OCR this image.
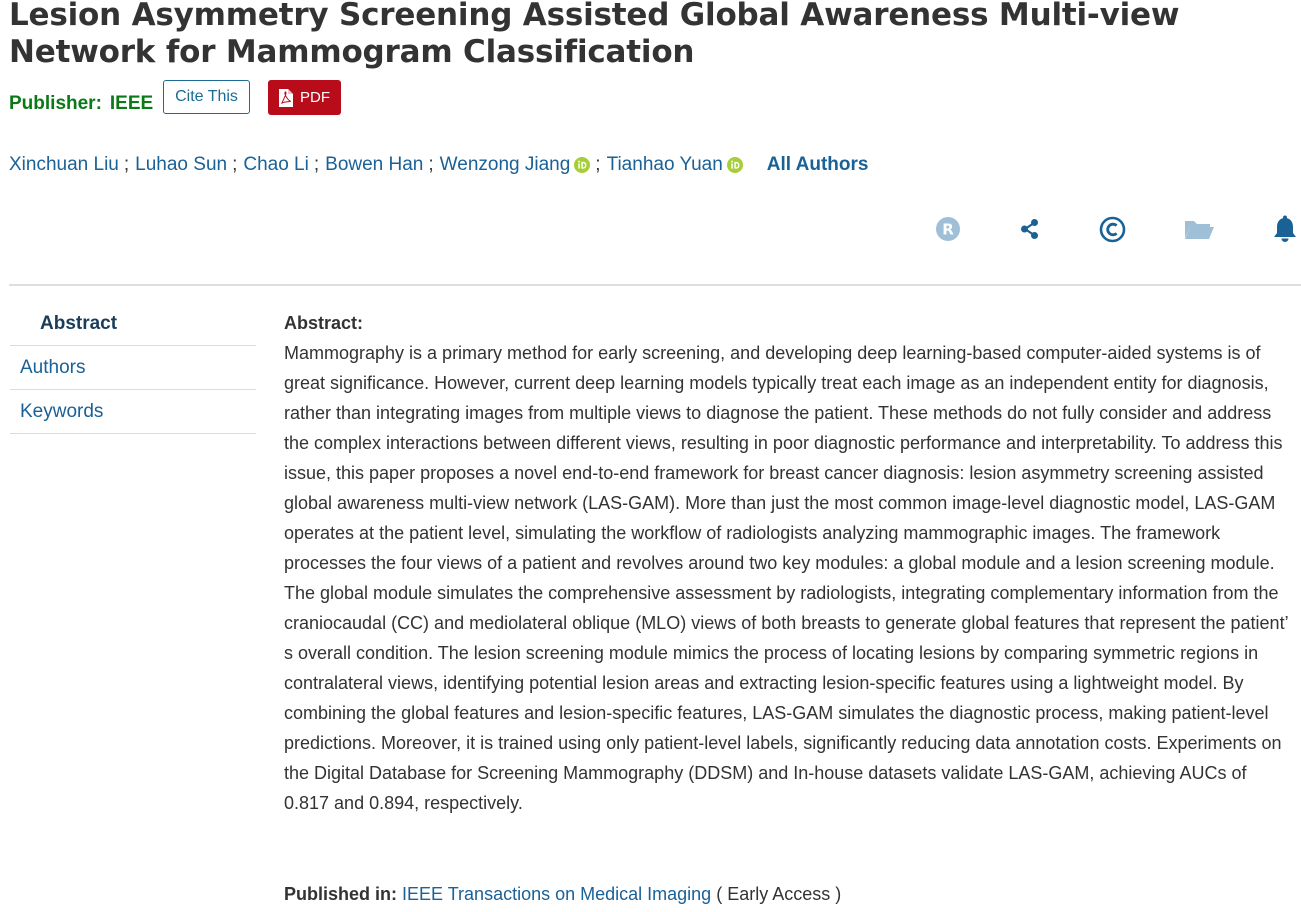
Lesion Asymmetry Screening Assisted Global Awareness Multi-view Network for Mammogram Classification
Publisher: IEEE	Cite This	PDF
Xinchuan Liu ; Luhao Sun ; Chao Li ; Bowen Han ; Wenzong Jiang ; Tianhao Yuan All Authors
R
Abstract
Authors
Keywords
Abstract:

Mammography is a primary method for early screening, and developing deep learning-based computer-aided systems is of great significance. However, current deep learning models typically treat each image as an independent entity for diagnosis, rather than integrating images from multiple views to diagnose the patient. These methods do not fully consider and address the complex interactions between different views, resulting in poor diagnostic performance and interpretability. To address this issue, this paper proposes a novel end-to-end framework for breast cancer diagnosis: lesion asymmetry screening assisted global awareness multi-view network (LAS-GAM). More than just the most common image-level diagnostic model, LAS-GAM operates at the patient level, simulating the workflow of radiologists analyzing mammographic images. The framework processes the four views of a patient and revolves around two key modules: a global module and a lesion screening module. The global module simulates the comprehensive assessment by radiologists, integrating complementary information from the craniocaudal (CC) and mediolateral oblique (MLO) views of both breasts to generate global features that represent the patient’ s overall condition. The lesion screening module mimics the process of locating lesions by comparing symmetric regions in contralateral views, identifying potential lesion areas and extracting lesion-specific features using a lightweight model. By combining the global features and lesion-specific features, LAS-GAM simulates the diagnostic process, making patient-level predictions. Moreover, it is trained using only patient-level labels, significantly reducing data annotation costs. Experiments on the Digital Database for Screening Mammography (DDSM) and In-house datasets validate LAS-GAM, achieving AUCs of 0.817 and 0.894, respectively.

Published in: IEEE Transactions on Medical Imaging ( Early Access )
